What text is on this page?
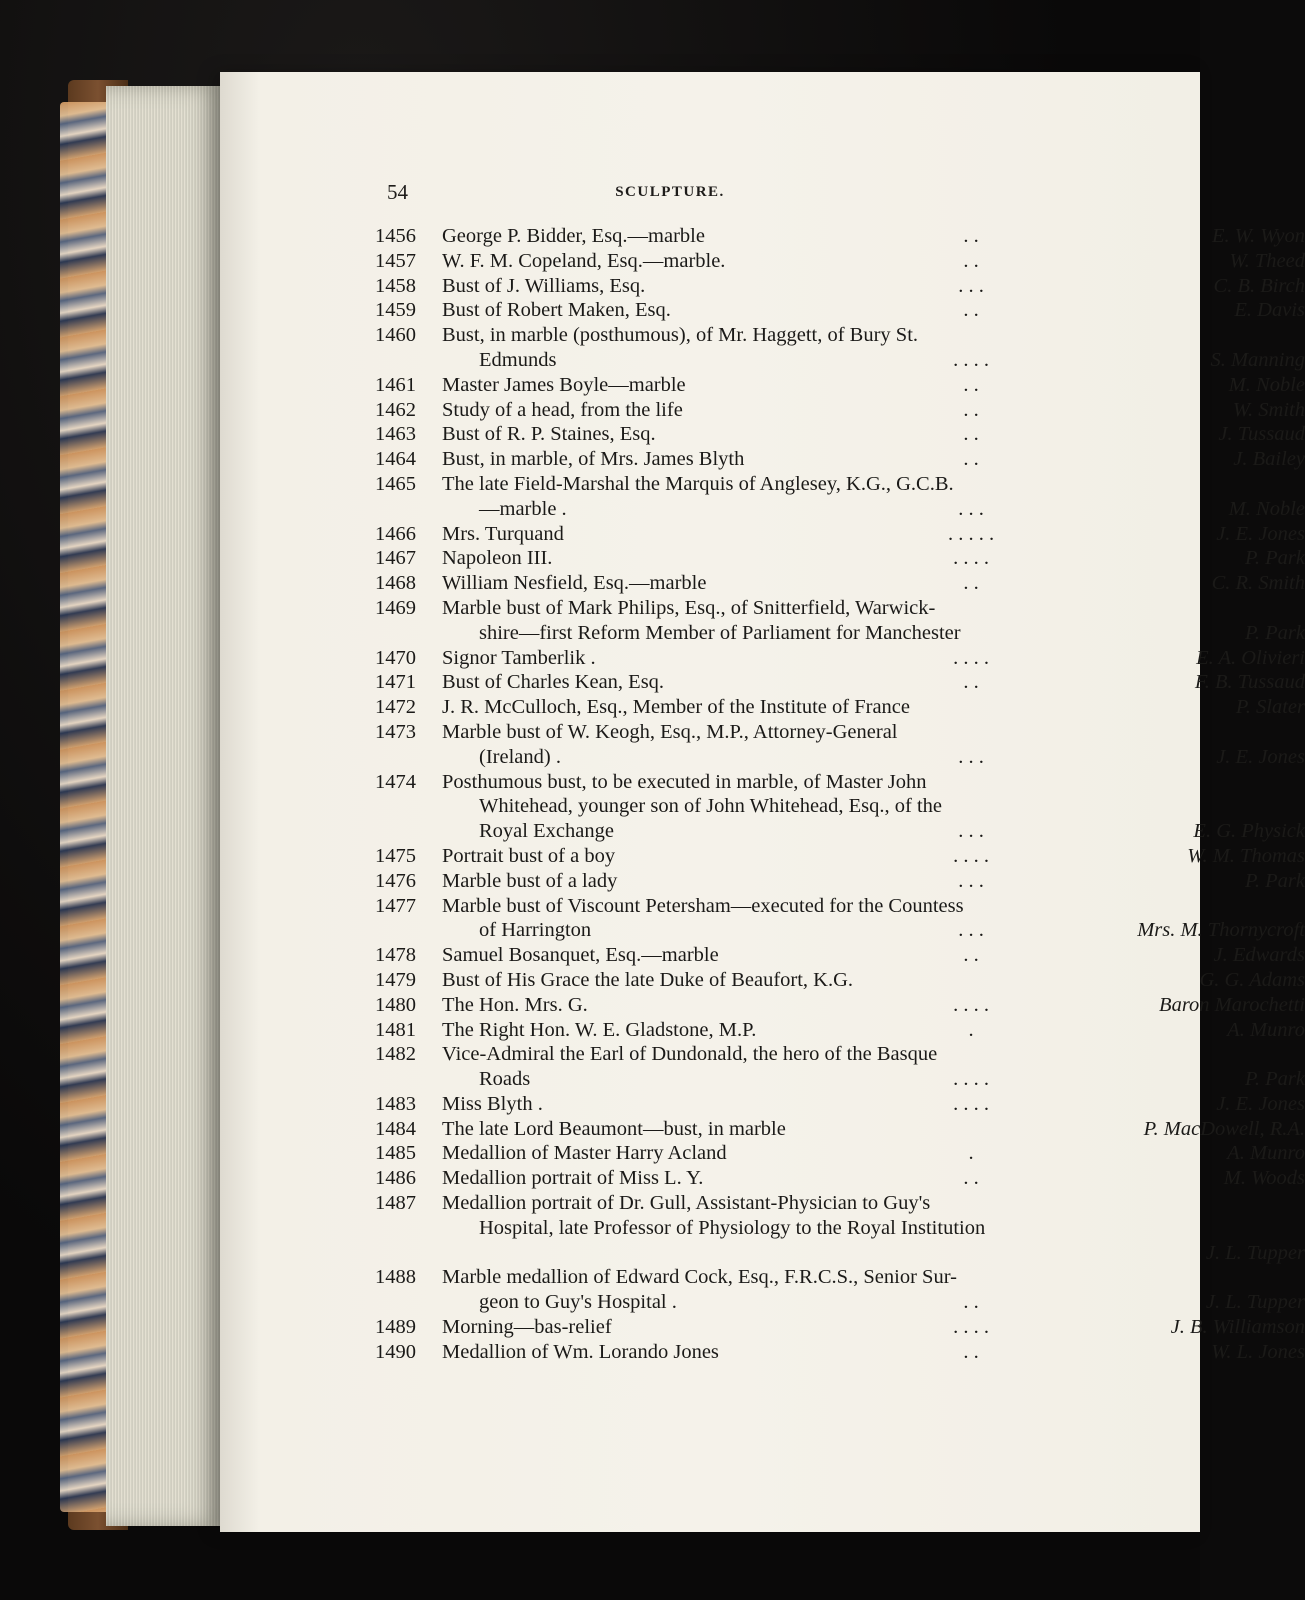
54	SCULPTURE.
1456	George P. Bidder, Esq.—marble	. .	E. W. Wyon
1457	W. F. M. Copeland, Esq.—marble.	. .	W. Theed
1458	Bust of J. Williams, Esq.	. . .	C. B. Birch
1459	Bust of Robert Maken, Esq.	. .	E. Davis
1460	Bust, in marble (posthumous), of Mr. Haggett, of Bury St.
Edmunds	. . . .	S. Manning
1461	Master James Boyle—marble	. .	M. Noble
1462	Study of a head, from the life	. .	W. Smith
1463	Bust of R. P. Staines, Esq.	. .	J. Tussaud
1464	Bust, in marble, of Mrs. James Blyth	. .	J. Bailey
1465	The late Field-Marshal the Marquis of Anglesey, K.G., G.C.B.
—marble .	. . .	M. Noble
1466	Mrs. Turquand	. . . . .	J. E. Jones
1467	Napoleon III.	. . . .	P. Park
1468	William Nesfield, Esq.—marble	. .	C. R. Smith
1469	Marble bust of Mark Philips, Esq., of Snitterfield, Warwick-
shire—first Reform Member of Parliament for Manchester	P. Park
1470	Signor Tamberlik .	. . . .	E. A. Olivieri
1471	Bust of Charles Kean, Esq.	. .	F. B. Tussaud
1472	J. R. McCulloch, Esq., Member of the Institute of France	P. Slater
1473	Marble bust of W. Keogh, Esq., M.P., Attorney-General
(Ireland) .	. . .	J. E. Jones
1474	Posthumous bust, to be executed in marble, of Master John
Whitehead, younger son of John Whitehead, Esq., of the
Royal Exchange	. . .	E. G. Physick
1475	Portrait bust of a boy	. . . .	W. M. Thomas
1476	Marble bust of a lady	. . .	P. Park
1477	Marble bust of Viscount Petersham—executed for the Countess
of Harrington	. . .	Mrs. M. Thornycroft
1478	Samuel Bosanquet, Esq.—marble	. .	J. Edwards
1479	Bust of His Grace the late Duke of Beaufort, K.G.	G. G. Adams
1480	The Hon. Mrs. G.	. . . .	Baron Marochetti
1481	The Right Hon. W. E. Gladstone, M.P.	.	A. Munro
1482	Vice-Admiral the Earl of Dundonald, the hero of the Basque
Roads	. . . .	P. Park
1483	Miss Blyth .	. . . .	J. E. Jones
1484	The late Lord Beaumont—bust, in marble	P. MacDowell, R.A.
1485	Medallion of Master Harry Acland	.	A. Munro
1486	Medallion portrait of Miss L. Y.	. .	M. Woods
1487	Medallion portrait of Dr. Gull, Assistant-Physician to Guy's
Hospital, late Professor of Physiology to the Royal Institution
J. L. Tupper
1488	Marble medallion of Edward Cock, Esq., F.R.C.S., Senior Sur-
geon to Guy's Hospital .	. .	J. L. Tupper
1489	Morning—bas-relief	. . . .	J. B. Williamson
1490	Medallion of Wm. Lorando Jones	. .	W. L. Jones
